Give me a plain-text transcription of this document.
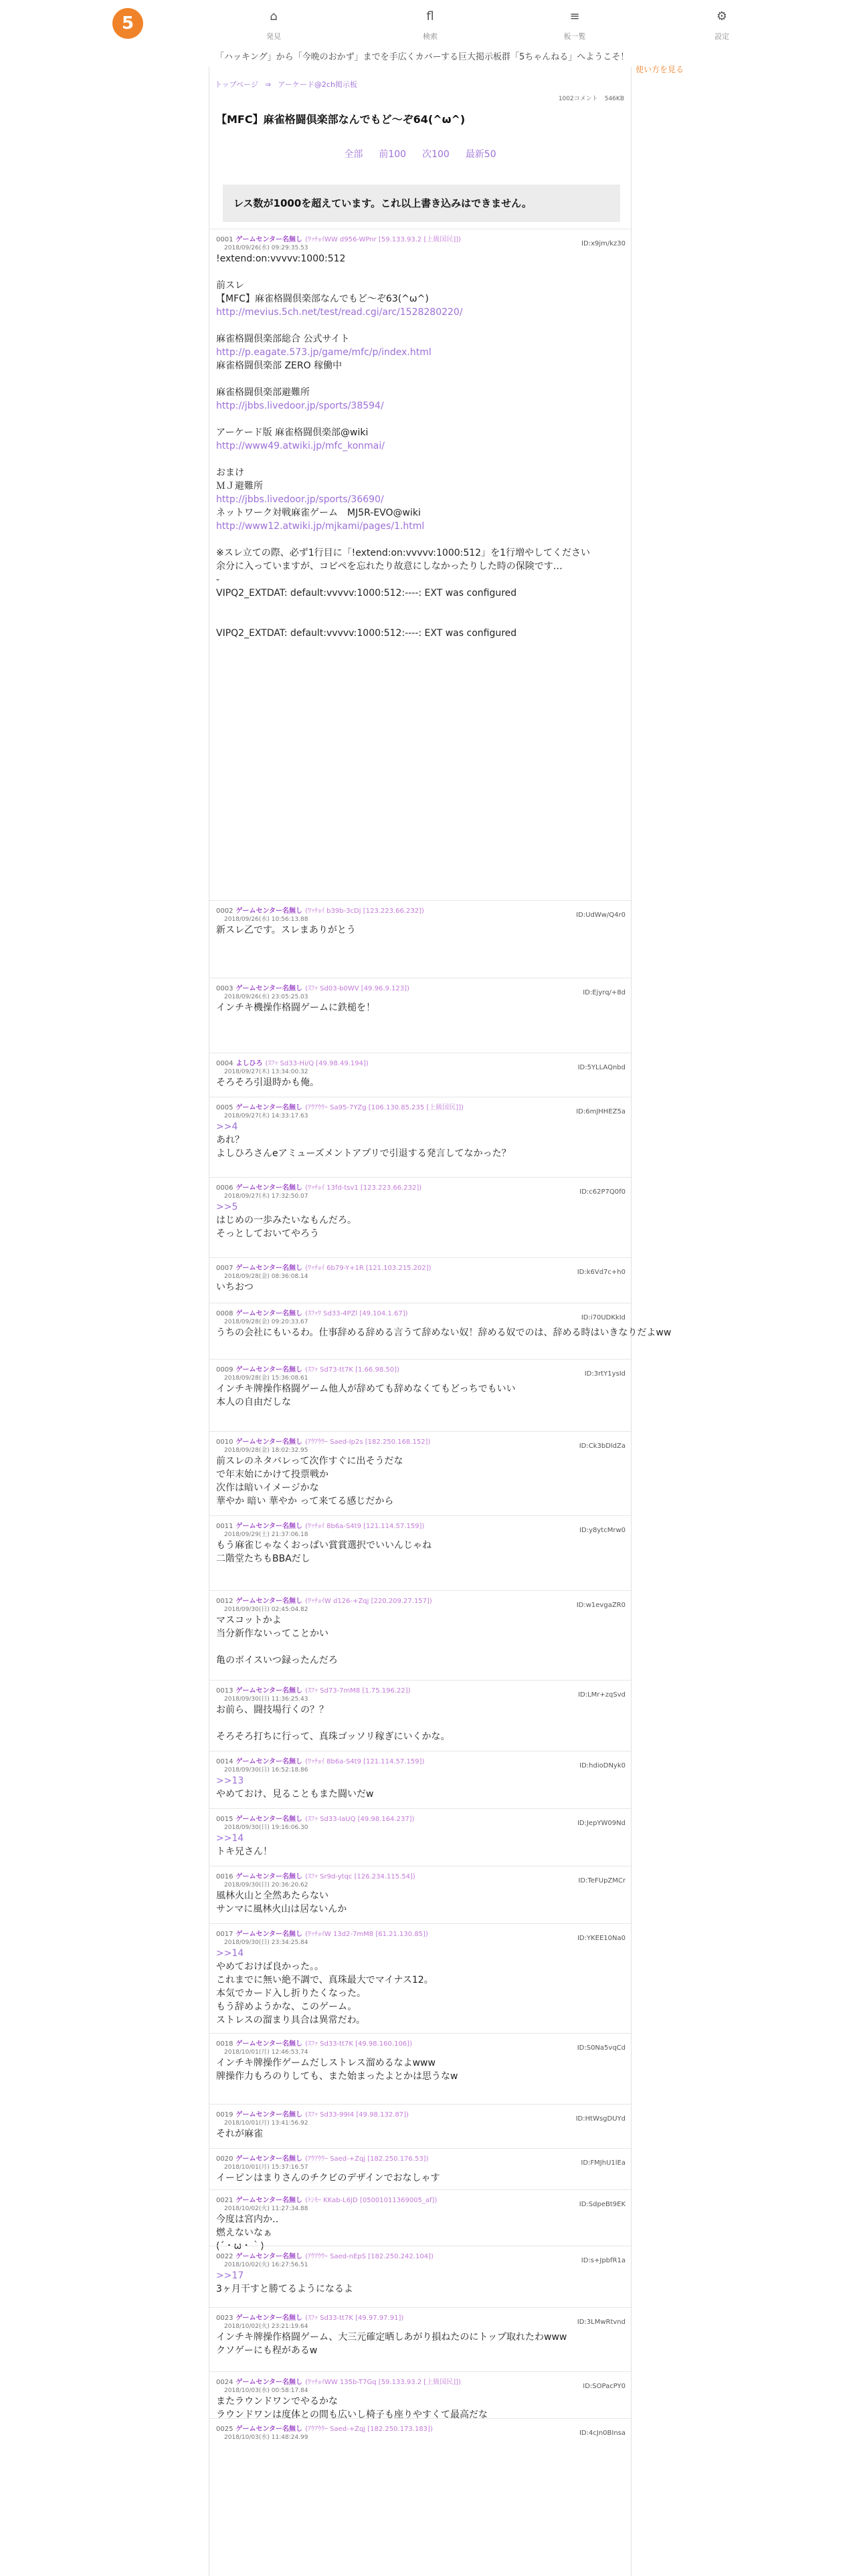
5	⌂
発見
fl
検索
≡
板一覧
⚙
設定
「ハッキング」から「今晩のおかず」までを手広くカバーする巨大掲示板群「5ちゃんねる」へようこそ！
使い方を見る
トップページ ⇒ アーケード@2ch掲示板
1002コメント 546KB
【MFC】麻雀格闘倶楽部なんでもど〜ぞ64(^ω^)
全部 前100 次100 最新50
レス数が1000を超えています。これ以上書き込みはできません。
0001 ゲームセンター名無し (ﾜｯﾁｮｲWW d956-WPnr [59.133.93.2 [上級国民]])
2018/09/26(水) 09:29:35.53
ID:x9jm/kz30
!extend:on:vvvvv:1000:512

前スレ
【MFC】麻雀格闘倶楽部なんでもど〜ぞ63(^ω^)
http://mevius.5ch.net/test/read.cgi/arc/1528280220/

麻雀格闘倶楽部総合 公式サイト
http://p.eagate.573.jp/game/mfc/p/index.html
麻雀格闘倶楽部 ZERO 稼働中

麻雀格闘倶楽部避難所
http://jbbs.livedoor.jp/sports/38594/

アーケード版 麻雀格闘倶楽部@wiki
http://www49.atwiki.jp/mfc_konmai/

おまけ
ＭＪ避難所
http://jbbs.livedoor.jp/sports/36690/
ネットワーク対戦麻雀ゲーム　MJ5R-EVO@wiki
http://www12.atwiki.jp/mjkami/pages/1.html

※スレ立ての際、必ず1行目に「!extend:on:vvvvv:1000:512」を1行増やしてください
余分に入っていますが、コピペを忘れたり故意にしなかったりした時の保険です…
-
VIPQ2_EXTDAT: default:vvvvv:1000:512:----: EXT was configured

VIPQ2_EXTDAT: default:vvvvv:1000:512:----: EXT was configured
0002 ゲームセンター名無し (ﾜｯﾁｮｲ b39b-3cDj [123.223.66.232])
2018/09/26(水) 10:56:13.88
ID:UdWw/Q4r0
新スレ乙です。スレまありがとう
0003 ゲームセンター名無し (ｽﾌｯ Sd03-b0WV [49.96.9.123])
2018/09/26(水) 23:05:25.03
ID:Ejyrq/+8d
インチキ機操作格闘ゲームに鉄槌を！
0004 よしひろ (ｽﾌｯ Sd33-Hi/Q [49.98.49.194])
2018/09/27(木) 13:34:00.32
ID:5YLLAQnbd
そろそろ引退時かも俺。
0005 ゲームセンター名無し (ｱｳｱｳｳｰ Sa95-7YZg [106.130.85.235 [上級国民]])
2018/09/27(木) 14:33:17.63
ID:6mJHHEZ5a
>>4
あれ？
よしひろさんeアミューズメントアプリで引退する発言してなかった？
0006 ゲームセンター名無し (ﾜｯﾁｮｲ 13fd-tsv1 [123.223.66.232])
2018/09/27(木) 17:32:50.07
ID:c62P7Q0f0
>>5
はじめの一歩みたいなもんだろ。
そっとしておいてやろう
0007 ゲームセンター名無し (ﾜｯﾁｮｲ 6b79-Y+1R [121.103.215.202])
2018/09/28(金) 08:36:08.14
ID:k6Vd7c+h0
いちおつ
0008 ゲームセンター名無し (ｽﾌｯﾜ Sd33-4PZl [49.104.1.67])
2018/09/28(金) 09:20:33.67
ID:i70UDKkId
うちの会社にもいるわ。仕事辞める辞める言うて辞めない奴！辞める奴でのは、辞める時はいきなりだよww
0009 ゲームセンター名無し (ｽﾌｯ Sd73-tt7K [1.66.98.50])
2018/09/28(金) 15:36:08.61
ID:3rtY1ysId
インチキ牌操作格闘ゲーム他人が辞めても辞めなくてもどっちでもいい
本人の自由だしな
0010 ゲームセンター名無し (ｱｳｱｳｳｰ Saed-Ip2s [182.250.168.152])
2018/09/28(金) 18:02:32.95
ID:Ck3bDldZa
前スレのネタバレって次作すぐに出そうだな
で年末始にかけて投票戦か
次作は暗いイメージかな
華やか 暗い 華やか って来てる感じだから
0011 ゲームセンター名無し (ﾜｯﾁｮｲ 8b6a-S4t9 [121.114.57.159])
2018/09/29(土) 21:37:06.18
ID:y8ytcMrw0
もう麻雀じゃなくおっぱい賞賞選択でいいんじゃね
二階堂たちもBBAだし
0012 ゲームセンター名無し (ﾜｯﾁｮｲW d126-+Zqj [220.209.27.157])
2018/09/30(日) 02:45:04.82
ID:w1evgaZR0
マスコットかよ
当分新作ないってことかい

亀のボイスいつ録ったんだろ
0013 ゲームセンター名無し (ｽﾌｯ Sd73-7mM8 [1.75.196.22])
2018/09/30(日) 11:36:25.43
ID:LMr+zqSvd
お前ら、闘技場行くの？？

そろそろ打ちに行って、真珠ゴッソリ稼ぎにいくかな。
0014 ゲームセンター名無し (ﾜｯﾁｮｲ 8b6a-S4t9 [121.114.57.159])
2018/09/30(日) 16:52:18.86
ID:hdioDNyk0
>>13
やめておけ、見ることもまた闘いだw
0015 ゲームセンター名無し (ｽﾌｯ Sd33-IaUQ [49.98.164.237])
2018/09/30(日) 19:16:06.30
ID:JepYW09Nd
>>14
トキ兄さん！
0016 ゲームセンター名無し (ｽﾌｯ Sr9d-ytqc [126.234.115.54])
2018/09/30(日) 20:36:20.62
ID:TeFUpZMCr
風林火山と全然あたらない
サンマに風林火山は居ないんか
0017 ゲームセンター名無し (ﾜｯﾁｮｲW 13d2-7mM8 [61.21.130.85])
2018/09/30(日) 23:34:25.84
ID:YKEE10Na0
>>14
やめておけば良かった。。
これまでに無い絶不調で、真珠最大でマイナス12。
本気でカード入し折りたくなった。
もう辞めようかな、このゲーム。
ストレスの溜まり具合は異常だわ。
0018 ゲームセンター名無し (ｽﾌｯ Sd33-tt7K [49.98.160.106])
2018/10/01(月) 12:46:53.74
ID:S0Na5vqCd
インチキ牌操作ゲームだしストレス溜めるなよwww
牌操作力もろのりしても、また始まったよとかは思うなw
0019 ゲームセンター名無し (ｽﾌｯ Sd33-99I4 [49.98.132.87])
2018/10/01(月) 13:41:56.92
ID:HtWsgDUYd
それが麻雀
0020 ゲームセンター名無し (ｱｳｱｳｳｰ Saed-+Zqj [182.250.176.53])
2018/10/01(月) 15:37:16.57
ID:FMJhU1lEa
イーピンはまりさんのチクビのデザインでおなしゃす
0021 ゲームセンター名無し (ﾄﾝﾓｰ KKab-L6JD [05001011369005_af])
2018/10/02(火) 11:27:34.88
ID:SdpeBt9EK
今度は宮内か‥
燃えないなぁ
(´・ω・｀)
0022 ゲームセンター名無し (ｱｳｱｳｳｰ Saed-nEpS [182.250.242.104])
2018/10/02(火) 16:27:56.51
ID:s+JpbfR1a
>>17
3ヶ月干すと勝てるようになるよ
0023 ゲームセンター名無し (ｽﾌｯ Sd33-tt7K [49.97.97.91])
2018/10/02(火) 23:21:19.64
ID:3LMwRtvnd
インチキ牌操作格闘ゲーム、大三元確定晒しあがり損ねたのにトップ取れたわwww
クソゲーにも程があるw
0024 ゲームセンター名無し (ﾜｯﾁｮｲWW 135b-T7Gq [59.133.93.2 [上級国民]])
2018/10/03(水) 00:58:17.84
ID:SOPacPY0
またラウンドワンでやるかな
ラウンドワンは度体との間も広いし椅子も座りやすくて最高だな
0025 ゲームセンター名無し (ｱｳｱｳｳｰ Saed-+Zqj [182.250.173.183])
2018/10/03(水) 11:48:24.99
ID:4cJn0BInsa
